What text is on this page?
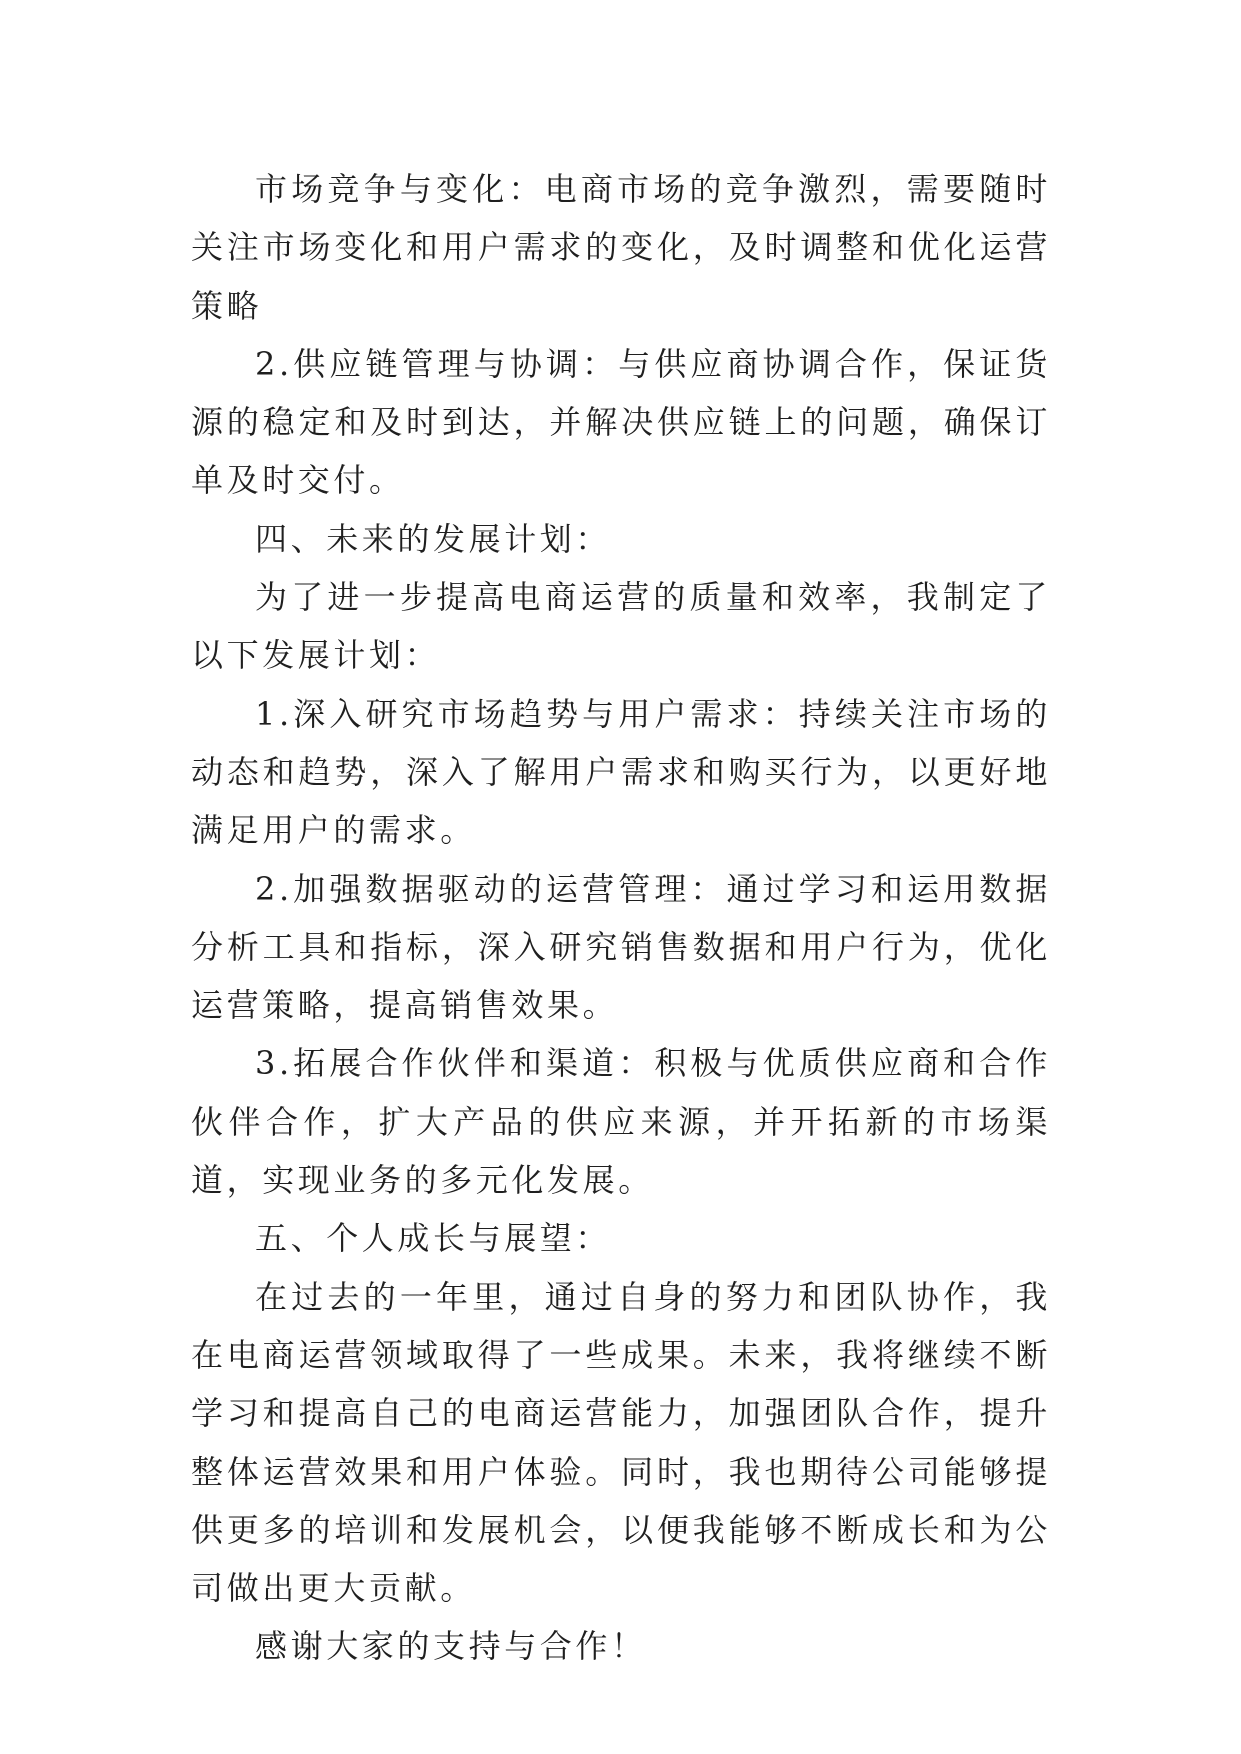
市场竞争与变化：电商市场的竞争激烈，需要随时关注市场变化和用户需求的变化，及时调整和优化运营策略

2.供应链管理与协调：与供应商协调合作，保证货源的稳定和及时到达，并解决供应链上的问题，确保订单及时交付。

四、未来的发展计划：

为了进一步提高电商运营的质量和效率，我制定了以下发展计划：

1.深入研究市场趋势与用户需求：持续关注市场的动态和趋势，深入了解用户需求和购买行为，以更好地满足用户的需求。

2.加强数据驱动的运营管理：通过学习和运用数据分析工具和指标，深入研究销售数据和用户行为，优化运营策略，提高销售效果。

3.拓展合作伙伴和渠道：积极与优质供应商和合作伙伴合作，扩大产品的供应来源，并开拓新的市场渠道，实现业务的多元化发展。

五、个人成长与展望：

在过去的一年里，通过自身的努力和团队协作，我在电商运营领域取得了一些成果。未来，我将继续不断学习和提高自己的电商运营能力，加强团队合作，提升整体运营效果和用户体验。同时，我也期待公司能够提供更多的培训和发展机会，以便我能够不断成长和为公司做出更大贡献。

感谢大家的支持与合作！
